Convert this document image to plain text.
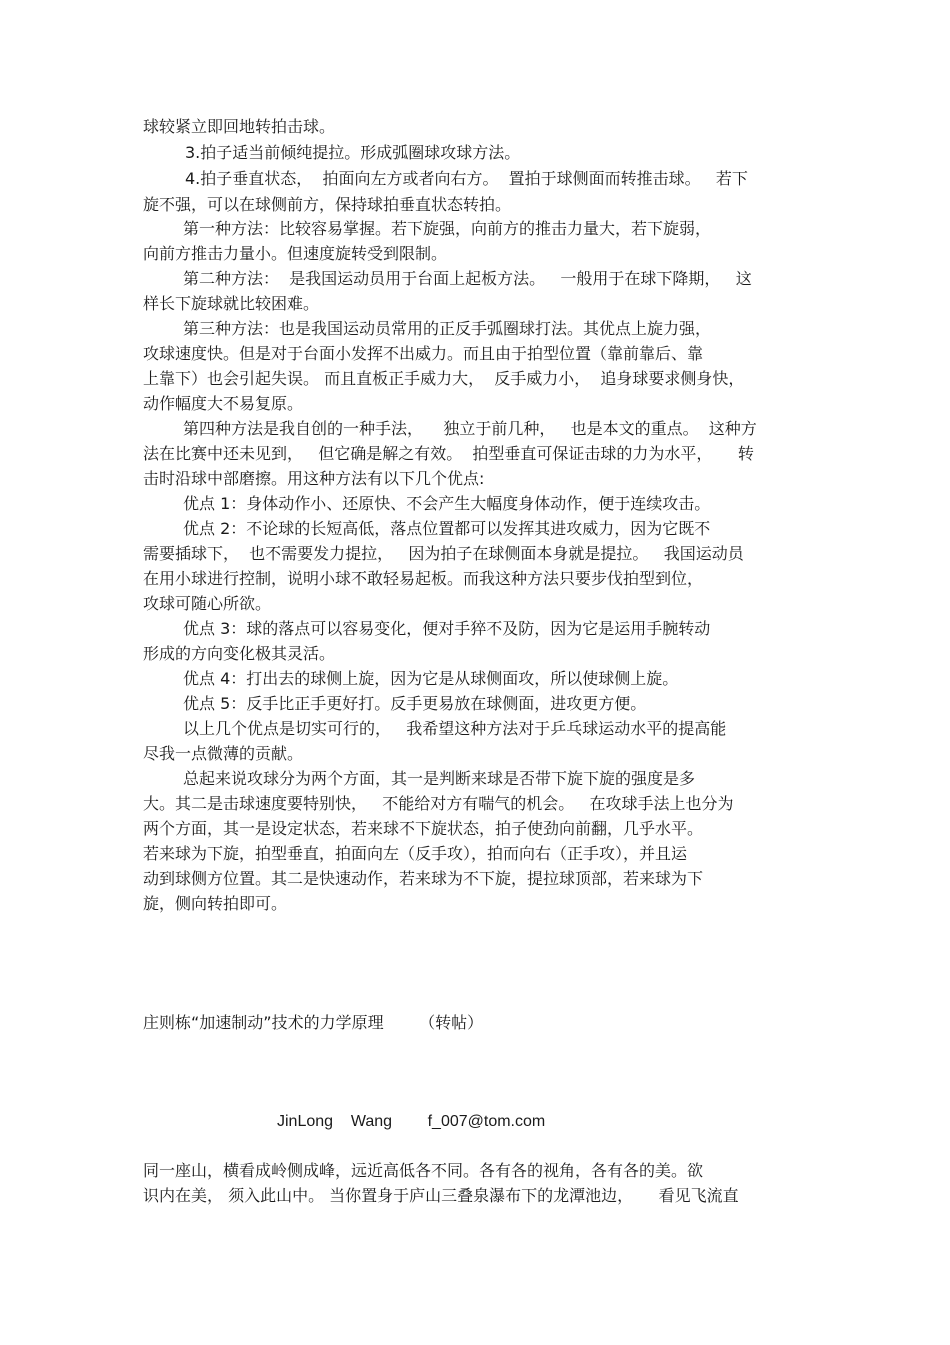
球较紧立即回地转拍击球。
3.拍子适当前倾纯提拉。形成弧圈球攻球方法。
4.拍子垂直状态，  拍面向左方或者向右方。  置拍于球侧面而转推击球。   若下
旋不强，可以在球侧前方，保持球拍垂直状态转拍。
第一种方法：比较容易掌握。若下旋强，向前方的推击力量大，若下旋弱，
向前方推击力量小。但速度旋转受到限制。
第二种方法：  是我国运动员用于台面上起板方法。   一般用于在球下降期，   这
样长下旋球就比较困难。
第三种方法：也是我国运动员常用的正反手弧圈球打法。其优点上旋力强，
攻球速度快。但是对于台面小发挥不出威力。而且由于拍型位置（靠前靠后、靠
上靠下）也会引起失误。 而且直板正手威力大，  反手威力小，  追身球要求侧身快，
动作幅度大不易复原。
第四种方法是我自创的一种手法，    独立于前几种，   也是本文的重点。  这种方
法在比赛中还未见到，   但它确是解之有效。  拍型垂直可保证击球的力为水平，     转
击时沿球中部磨擦。用这种方法有以下几个优点:
优点 1：身体动作小、还原快、不会产生大幅度身体动作，便于连续攻击。
优点 2：不论球的长短高低，落点位置都可以发挥其进攻威力，因为它既不
需要插球下，  也不需要发力提拉，   因为拍子在球侧面本身就是提拉。   我国运动员
在用小球进行控制，说明小球不敢轻易起板。而我这种方法只要步伐拍型到位，
攻球可随心所欲。
优点 3：球的落点可以容易变化，便对手猝不及防，因为它是运用手腕转动
形成的方向变化极其灵活。
优点 4：打出去的球侧上旋，因为它是从球侧面攻，所以使球侧上旋。
优点 5：反手比正手更好打。反手更易放在球侧面，进攻更方便。
以上几个优点是切实可行的，   我希望这种方法对于乒乓球运动水平的提高能
尽我一点微薄的贡献。
总起来说攻球分为两个方面，其一是判断来球是否带下旋下旋的强度是多
大。其二是击球速度要特别快，   不能给对方有喘气的机会。   在攻球手法上也分为
两个方面，其一是设定状态，若来球不下旋状态，拍子使劲向前翻，几乎水平。
若来球为下旋，拍型垂直，拍面向左（反手攻），拍而向右（正手攻），并且运
动到球侧方位置。其二是快速动作，若来球为不下旋，提拉球顶部，若来球为下
旋，侧向转拍即可。
庄则栋“加速制动”技术的力学原理       （转帖）
JinLong    Wang        f_007@tom.com
同一座山，横看成岭侧成峰，远近高低各不同。各有各的视角，各有各的美。欲
识内在美， 须入此山中。 当你置身于庐山三叠泉瀑布下的龙潭池边，     看见飞流直
